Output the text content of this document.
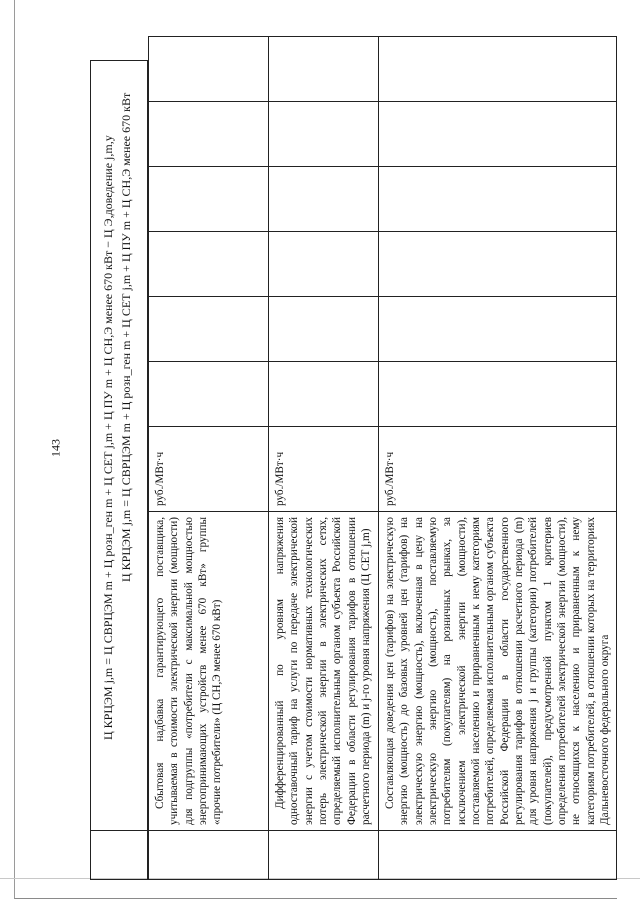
143	Ц КРЦЭМ j,m = Ц СВРЦЭМ m + Ц розн_ген m + Ц СЕТ j,m + Ц ПУ m + Ц СН,Э менее 670 кВт − Ц Э,доведение j,m,y Ц КРЦЭМ j,m = Ц СВРЦЭМ m + Ц розн_ген m + Ц СЕТ j,m + Ц ПУ m + Ц СН,Э менее 670 кВт

	Сбытовая надбавка гарантирующего поставщика, учитываемая в стоимости электрической энергии (мощности) для подгруппы «потребители с максимальной мощностью энергопринимающих устройств менее 670 кВт» группы «прочие потребители» (Ц СН,Э менее 670 кВт)	руб./МВт·ч						

	Дифференцированный по уровням напряжения одноставочный тариф на услуги по передаче электрической энергии с учетом стоимости нормативных технологических потерь электрической энергии в электрических сетях, определяемый исполнительным органом субъекта Российской Федерации в области регулирования тарифов в отношении расчетного периода (m) и j-го уровня напряжения (Ц СЕТ j,m)	руб./МВт·ч						

	Составляющая доведения цен (тарифов) на электрическую энергию (мощность) до базовых уровней цен (тарифов) на электрическую энергию (мощность), включенная в цену на электрическую энергию (мощность), поставляемую потребителям (покупателям) на розничных рынках, за исключением электрической энергии (мощности), поставляемой населению и приравненным к нему категориям потребителей, определяемая исполнительным органом субъекта Российской Федерации в области государственного регулирования тарифов в отношении расчетного периода (m) для уровня напряжения j и группы (категории) потребителей (покупателей), предусмотренной пунктом 1 критериев определения потребителей электрической энергии (мощности), не относящихся к населению и приравненным к нему категориям потребителей, в отношении которых на территориях Дальневосточного федерального округа	руб./МВт·ч						
